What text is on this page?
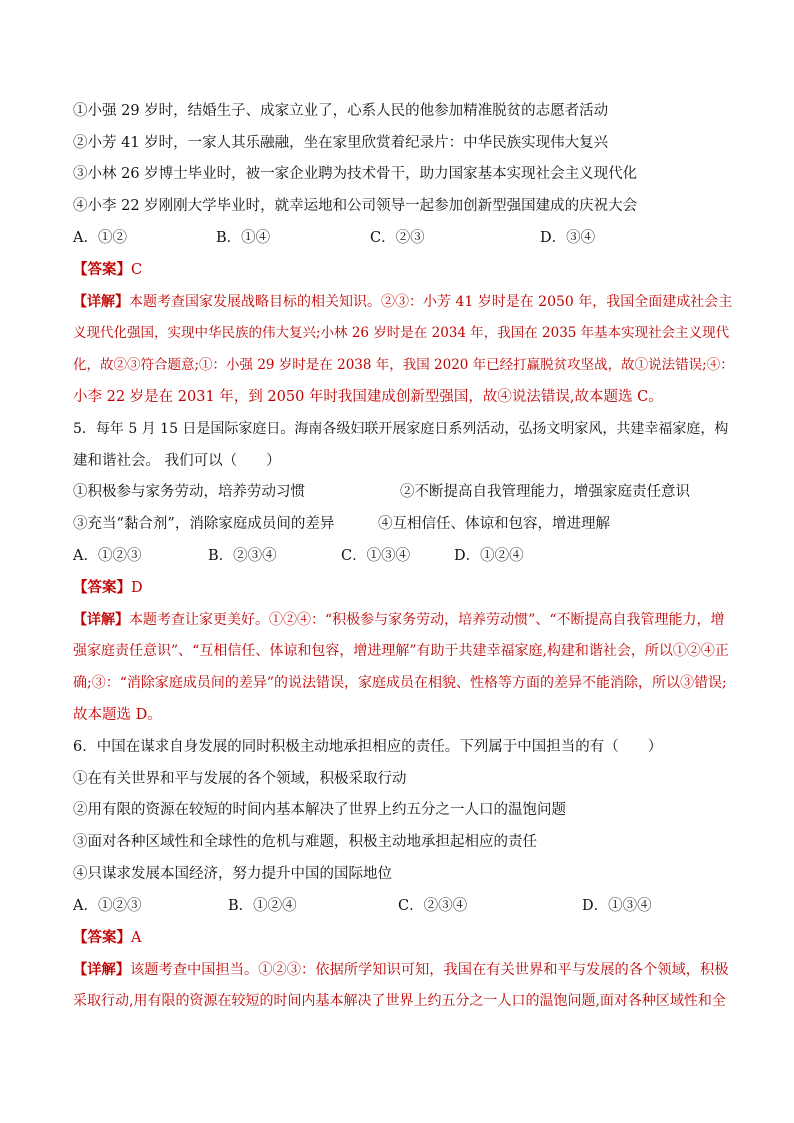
①小强 29 岁时，结婚生子、成家立业了，心系人民的他参加精准脱贫的志愿者活动
②小芳 41 岁时，一家人其乐融融，坐在家里欣赏着纪录片：中华民族实现伟大复兴
③小林 26 岁博士毕业时，被一家企业聘为技术骨干，助力国家基本实现社会主义现代化
④小李 22 岁刚刚大学毕业时，就幸运地和公司领导一起参加创新型强国建成的庆祝大会
A．①②	B．①④	C．②③	D．③④
【答案】C
【详解】本题考查国家发展战略目标的相关知识。②③：小芳 41 岁时是在 2050 年，我国全面建成社会主
义现代化强国，实现中华民族的伟大复兴;小林 26 岁时是在 2034 年，我国在 2035 年基本实现社会主义现代
化，故②③符合题意;①：小强 29 岁时是在 2038 年，我国 2020 年已经打赢脱贫攻坚战，故①说法错误;④：
小李 22 岁是在 2031 年，到 2050 年时我国建成创新型强国，故④说法错误,故本题选 C。
5．每年 5 月 15 日是国际家庭日。海南各级妇联开展家庭日系列活动，弘扬文明家风，共建幸福家庭，构
建和谐社会。 我们可以（　　）
①积极参与家务劳动，培养劳动习惯	②不断提高自我管理能力，增强家庭责任意识
③充当“黏合剂”，消除家庭成员间的差异	④互相信任、体谅和包容，增进理解
A．①②③	B．②③④	C．①③④	D．①②④
【答案】D
【详解】本题考查让家更美好。①②④：“积极参与家务劳动，培养劳动惯”、“不断提高自我管理能力，增
强家庭责任意识”、“互相信任、体谅和包容，增进理解”有助于共建幸福家庭,构建和谐社会，所以①②④正
确;③：“消除家庭成员间的差异”的说法错误，家庭成员在相貌、性格等方面的差异不能消除，所以③错误;
故本题选 D。
6．中国在谋求自身发展的同时积极主动地承担相应的责任。下列属于中国担当的有（　　）
①在有关世界和平与发展的各个领域，积极采取行动
②用有限的资源在较短的时间内基本解决了世界上约五分之一人口的温饱问题
③面对各种区域性和全球性的危机与难题，积极主动地承担起相应的责任
④只谋求发展本国经济，努力提升中国的国际地位
A．①②③	B．①②④	C．②③④	D．①③④
【答案】A
【详解】该题考查中国担当。①②③：依据所学知识可知，我国在有关世界和平与发展的各个领域，积极
采取行动,用有限的资源在较短的时间内基本解决了世界上约五分之一人口的温饱问题,面对各种区域性和全
